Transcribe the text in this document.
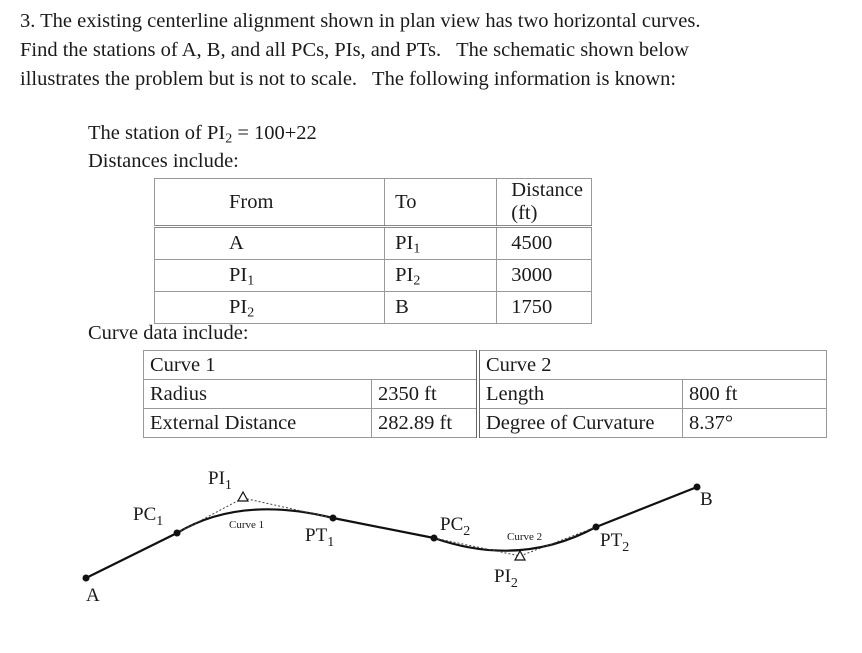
3. The existing centerline alignment shown in plan view has two horizontal curves.
Find the stations of A, B, and all PCs, PIs, and PTs.   The schematic shown below
illustrates the problem but is not to scale.   The following information is known:
The station of $PI_2 = 100+22$
Distances include:
From	To	Distance (ft)
A	$PI_1$	4500
$PI_1$	$PI_2$	3000
$PI_2$	B	1750
Curve data include:
Curve 1		Curve 2	
Radius	2350 ft	Length	800 ft
External Distance	282.89 ft	Degree of Curvature	8.37°
A
B
$PC_1$
$PI_1$
$PT_1$
$PC_2$
$PI_2$
$PT_2$
Curve 1
Curve 2
